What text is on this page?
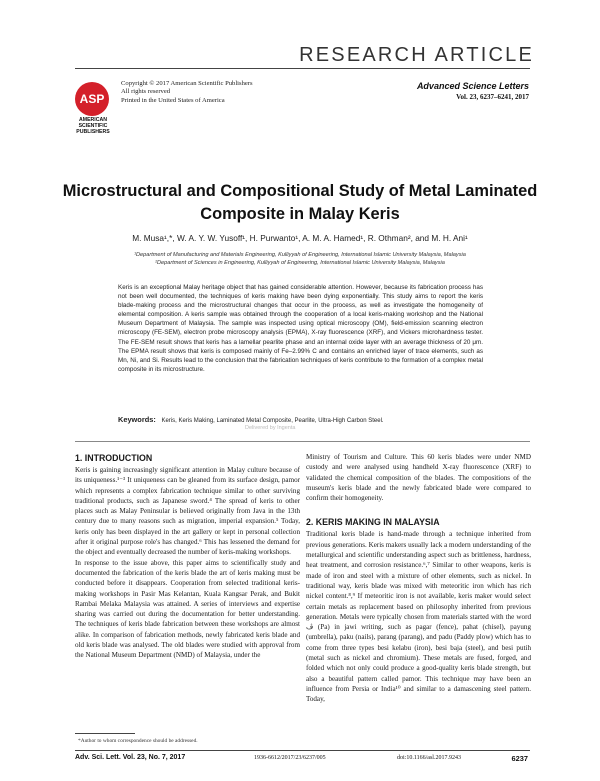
RESEARCH ARTICLE
ASP
AMERICAN SCIENTIFIC PUBLISHERS
Copyright © 2017 American Scientific Publishers
All rights reserved
Printed in the United States of America
Advanced Science Letters
Vol. 23, 6237–6241, 2017
Microstructural and Compositional Study of Metal Laminated Composite in Malay Keris
M. Musa¹,*, W. A. Y. W. Yusoff¹, H. Purwanto¹, A. M. A. Hamed¹, R. Othman², and M. H. Ani¹
¹Department of Manufacturing and Materials Engineering, Kulliyyah of Engineering, International Islamic University Malaysia, Malaysia
²Department of Sciences in Engineering, Kulliyyah of Engineering, International Islamic University Malaysia, Malaysia
Keris is an exceptional Malay heritage object that has gained considerable attention. However, because its fabrication process has not been well documented, the techniques of keris making have been dying exponentially. This study aims to report the keris blade-making process and the microstructural changes that occur in the process, as well as investigate the homogeneity of elemental composition. A keris sample was obtained through the cooperation of a local keris-making workshop and the National Museum Department of Malaysia. The sample was inspected using optical microscopy (OM), field-emission scanning electron microscopy (FE-SEM), electron probe microscopy analysis (EPMA), X-ray fluorescence (XRF), and Vickers microhardness tester. The FE-SEM result shows that keris has a lamellar pearlite phase and an internal oxide layer with an average thickness of 20 μm. The EPMA result shows that keris is composed mainly of Fe–2.99% C and contains an enriched layer of trace elements, such as Mn, Ni, and Si. Results lead to the conclusion that the fabrication techniques of keris contribute to the formation of a complex metal composite in its microstructure.
Keywords: Keris, Keris Making, Laminated Metal Composite, Pearlite, Ultra-High Carbon Steel.
Delivered by Ingenta
1. INTRODUCTION

Keris is gaining increasingly significant attention in Malay culture because of its uniqueness.¹⁻³ It uniqueness can be gleaned from its surface design, pamor which represents a complex fabrication technique similar to other surviving traditional products, such as Japanese sword.⁴ The spread of keris to other places such as Malay Peninsular is believed originally from Java in the 13th century due to many reasons such as migration, imperial expansion.⁵ Today, keris only has been displayed in the art gallery or kept in personal collection after it original purpose role's has changed.⁶ This has lessened the demand for the object and eventually decreased the number of keris-making workshops.

In response to the issue above, this paper aims to scientifically study and documented the fabrication of the keris blade the art of keris making must be conducted before it disappears. Cooperation from selected traditional keris-making workshops in Pasir Mas Kelantan, Kuala Kangsar Perak, and Bukit Rambai Melaka Malaysia was attained. A series of interviews and expertise sharing was carried out during the documentation for better understanding. The techniques of keris blade fabrication between these workshops are almost alike. In comparison of fabrication methods, newly fabricated keris blade and old keris blade was analysed. The old blades were studied with approval from the National Museum Department (NMD) of Malaysia, under the

Ministry of Tourism and Culture. This 60 keris blades were under NMD custody and were analysed using handheld X-ray fluorescence (XRF) to validated the chemical composition of the blades. The compositions of the museum's keris blade and the newly fabricated blade were compared to confirm their homogeneity.

2. KERIS MAKING IN MALAYSIA

Traditional keris blade is hand-made through a technique inherited from previous generations. Keris makers usually lack a modern understanding of the metallurgical and scientific understanding aspect such as brittleness, hardness, heat treatment, and corrosion resistance.⁶,⁷ Similar to other weapons, keris is made of iron and steel with a mixture of other elements, such as nickel. In traditional way, keris blade was mixed with meteoritic iron which has rich nickel content.⁸,⁹ If meteoritic iron is not available, keris maker would select certain metals as replacement based on philosophy inherited from previous generation. Metals were typically chosen from materials started with the word ڤ (Pa) in jawi writing, such as pagar (fence), pahat (chisel), payung (umbrella), paku (nails), parang (parang), and padu (Paddy plow) which has to come from three types besi kelabu (iron), besi baja (steel), and besi putih (metal such as nickel and chromium). These metals are fused, forged, and folded which not only could produce a good-quality keris blade strength, but also a beautiful pattern called pamor. This technique may have been an influence from Persia or India¹⁰ and similar to a damascening steel pattern. Today,

*Author to whom correspondence should be addressed.
Adv. Sci. Lett. Vol. 23, No. 7, 2017	1936-6612/2017/23/6237/005	doi:10.1166/asl.2017.9243	6237
